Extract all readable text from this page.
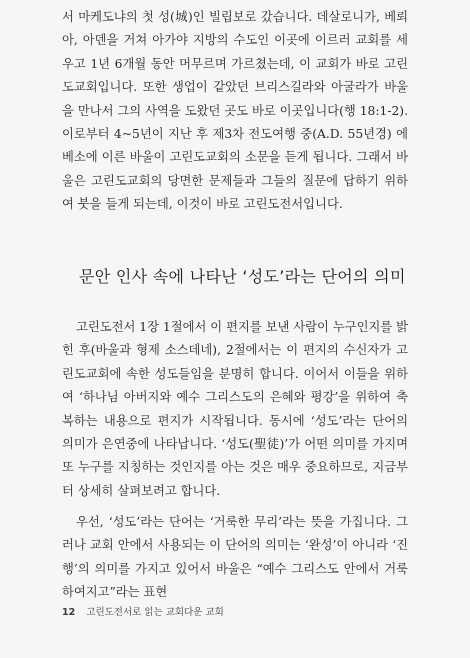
서 마케도냐의 첫 성(城)인 빌립보로 갔습니다. 데살로니가, 베뢰아, 아덴을 거쳐 아가야 지방의 수도인 이곳에 이르러 교회를 세우고 1년 6개월 동안 머무르며 가르쳤는데, 이 교회가 바로 고린도교회입니다. 또한 생업이 같았던 브리스길라와 아굴라가 바울을 만나서 그의 사역을 도왔던 곳도 바로 이곳입니다(행 18:1-2). 이로부터 4~5년이 지난 후 제3차 전도여행 중(A.D. 55년경) 에베소에 이른 바울이 고린도교회의 소문을 듣게 됩니다. 그래서 바울은 고린도교회의 당면한 문제들과 그들의 질문에 답하기 위하여 붓을 들게 되는데, 이것이 바로 고린도전서입니다.

문안 인사 속에 나타난 ‘성도’라는 단어의 의미

고린도전서 1장 1절에서 이 편지를 보낸 사람이 누구인지를 밝힌 후(바울과 형제 소스데네), 2절에서는 이 편지의 수신자가 고린도교회에 속한 성도들임을 분명히 합니다. 이어서 이들을 위하여 ‘하나님 아버지와 예수 그리스도의 은혜와 평강’을 위하여 축복하는 내용으로 편지가 시작됩니다. 동시에 ‘성도’라는 단어의 의미가 은연중에 나타납니다. ‘성도(聖徒)’가 어떤 의미를 가지며 또 누구를 지칭하는 것인지를 아는 것은 매우 중요하므로, 지금부터 상세히 살펴보려고 합니다.

우선, ‘성도’라는 단어는 ‘거룩한 무리’라는 뜻을 가집니다. 그러나 교회 안에서 사용되는 이 단어의 의미는 ‘완성’이 아니라 ‘진행’의 의미를 가지고 있어서 바울은 “예수 그리스도 안에서 거룩하여지고”라는 표현

12 고린도전서로 읽는 교회다운 교회
